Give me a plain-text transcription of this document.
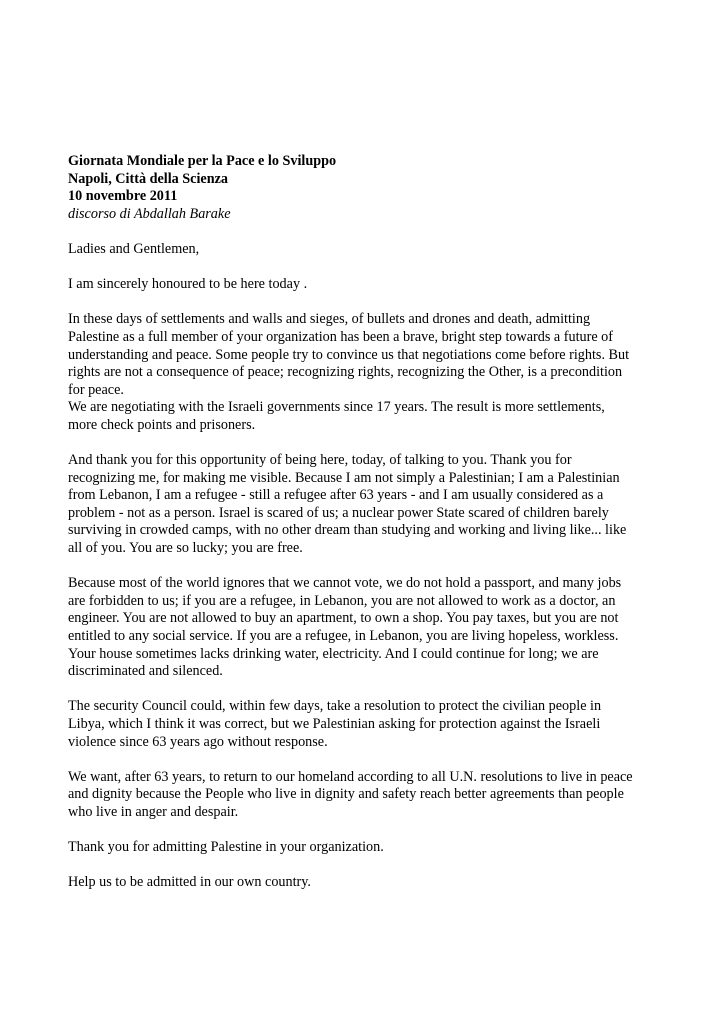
Giornata Mondiale per la Pace e lo Sviluppo
Napoli, Città della Scienza
10 novembre 2011
discorso di Abdallah Barake

Ladies and Gentlemen,

I am sincerely honoured to be here today .

In these days of settlements and walls and sieges, of bullets and drones and death, admitting
Palestine as a full member of your organization has been a brave, bright step towards a future of
understanding and peace. Some people try to convince us that negotiations come before rights. But
rights are not a consequence of peace; recognizing rights, recognizing the Other, is a precondition
for peace.

We are negotiating with the Israeli governments since 17 years. The result is more settlements,
more check points and prisoners.

And thank you for this opportunity of being here, today, of talking to you. Thank you for
recognizing me, for making me visible. Because I am not simply a Palestinian; I am a Palestinian
from Lebanon, I am a refugee - still a refugee after 63 years - and I am usually considered as a
problem - not as a person. Israel is scared of us; a nuclear power State scared of children barely
surviving in crowded camps, with no other dream than studying and working and living like... like
all of you. You are so lucky; you are free.

Because most of the world ignores that we cannot vote, we do not hold a passport, and many jobs
are forbidden to us; if you are a refugee, in Lebanon, you are not allowed to work as a doctor, an
engineer. You are not allowed to buy an apartment, to own a shop. You pay taxes, but you are not
entitled to any social service. If you are a refugee, in Lebanon, you are living hopeless, workless.
Your house sometimes lacks drinking water, electricity. And I could continue for long; we are
discriminated and silenced.

The security Council could, within few days, take a resolution to protect the civilian people in
Libya, which I think it was correct, but we Palestinian asking for protection against the Israeli
violence since 63 years ago without response.

We want, after 63 years, to return to our homeland according to all U.N. resolutions to live in peace
and dignity because the People who live in dignity and safety reach better agreements than people
who live in anger and despair.

Thank you for admitting Palestine in your organization.

Help us to be admitted in our own country.
